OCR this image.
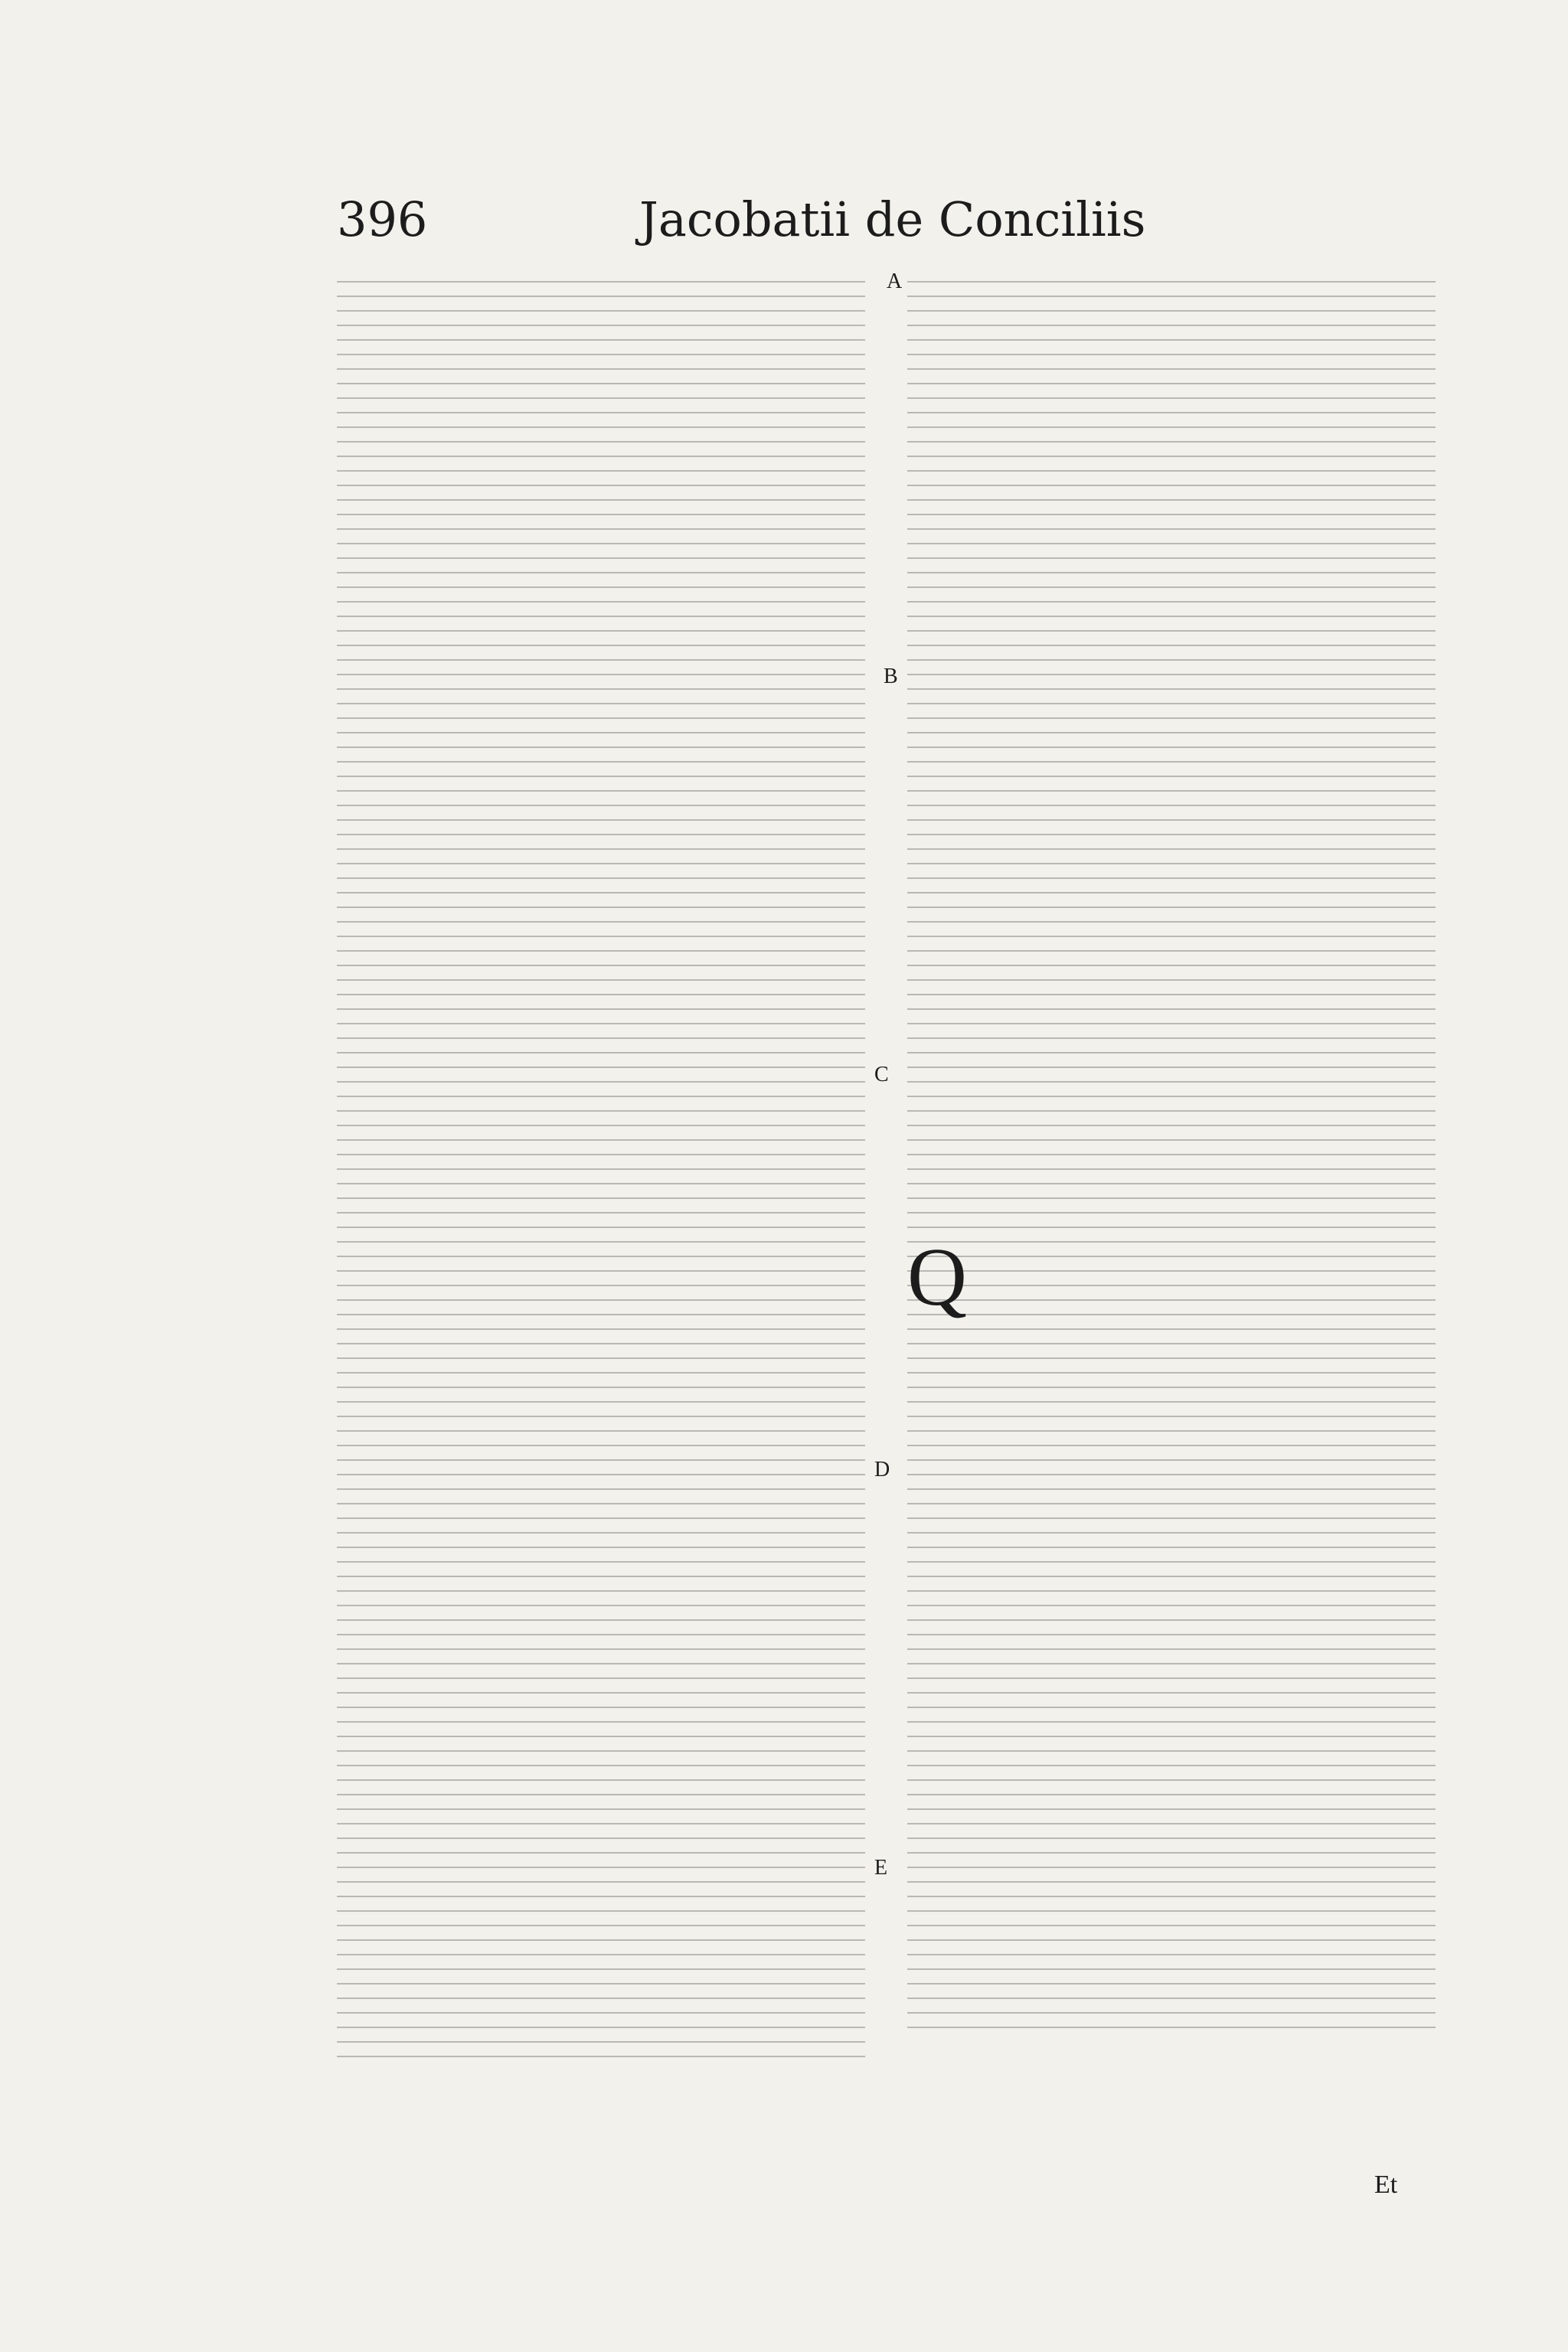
396	Jacobatii de Conciliis
A
B
C
D
E
Q
Et
